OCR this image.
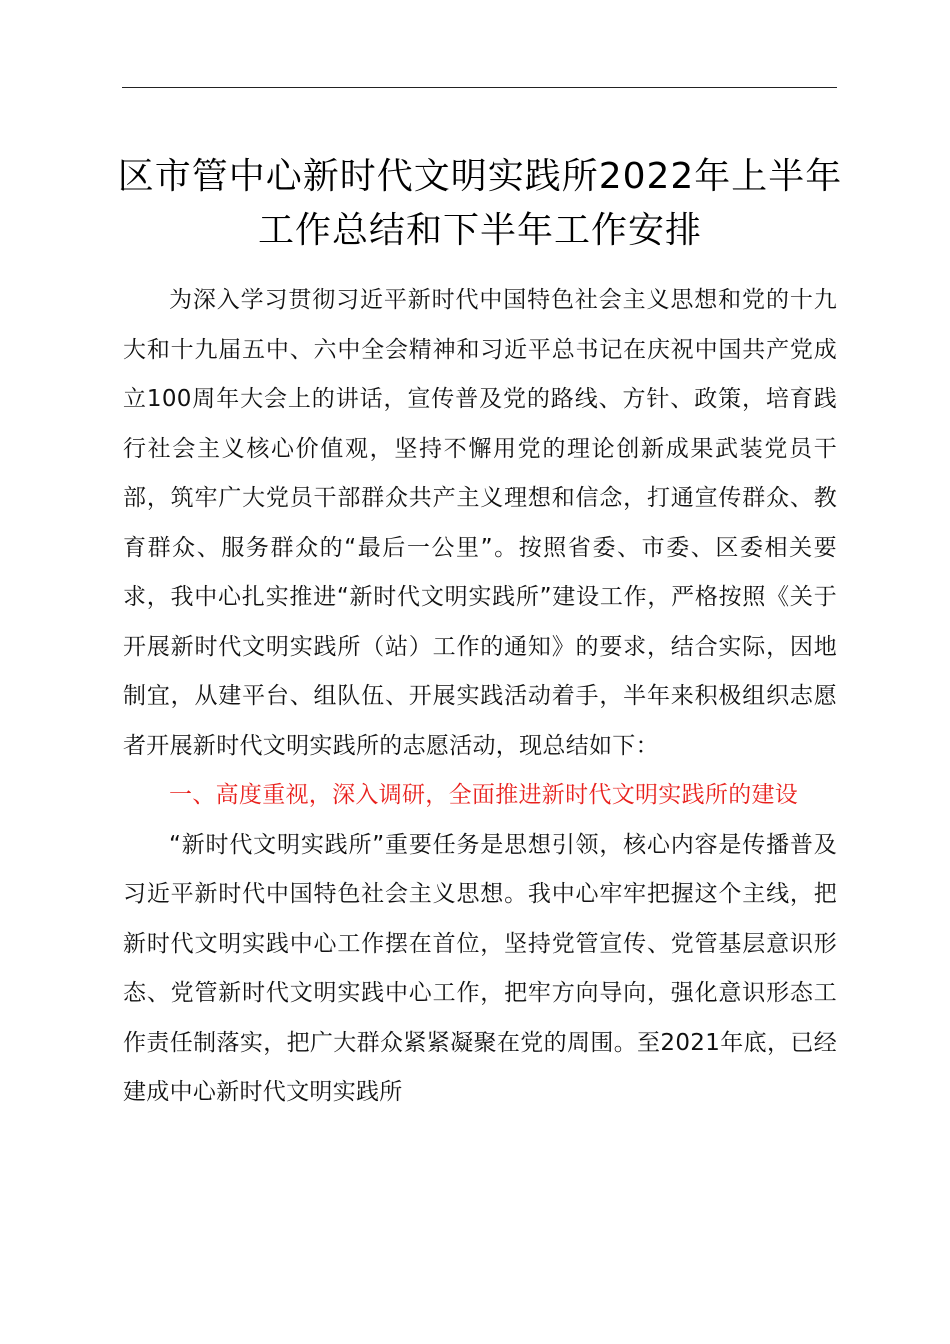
区市管中心新时代文明实践所2022年上半年
工作总结和下半年工作安排

为深入学习贯彻习近平新时代中国特色社会主义思想和党的十九大和十九届五中、六中全会精神和习近平总书记在庆祝中国共产党成立100周年大会上的讲话，宣传普及党的路线、方针、政策，培育践行社会主义核心价值观，坚持不懈用党的理论创新成果武装党员干部，筑牢广大党员干部群众共产主义理想和信念，打通宣传群众、教育群众、服务群众的“最后一公里”。按照省委、市委、区委相关要求，我中心扎实推进“新时代文明实践所”建设工作，严格按照《关于开展新时代文明实践所（站）工作的通知》的要求，结合实际，因地制宜，从建平台、组队伍、开展实践活动着手，半年来积极组织志愿者开展新时代文明实践所的志愿活动，现总结如下：

一、高度重视，深入调研，全面推进新时代文明实践所的建设

“新时代文明实践所”重要任务是思想引领，核心内容是传播普及习近平新时代中国特色社会主义思想。我中心牢牢把握这个主线，把新时代文明实践中心工作摆在首位，坚持党管宣传、党管基层意识形态、党管新时代文明实践中心工作，把牢方向导向，强化意识形态工作责任制落实，把广大群众紧紧凝聚在党的周围。至2021年底，已经建成中心新时代文明实践所
